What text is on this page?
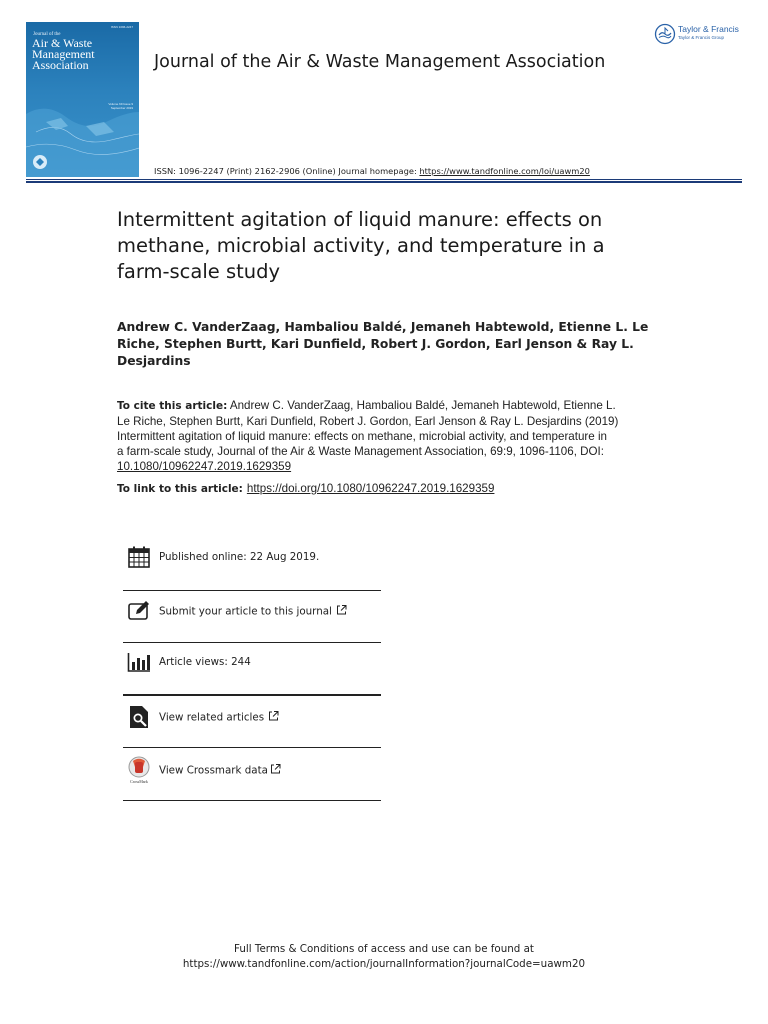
ISSN 1096-2247
Journal of the
Air & Waste
Management
Association
Volume 69 Issue 9 September 2019
Journal of the Air & Waste Management Association
Taylor & Francis
Taylor & Francis Group
ISSN: 1096-2247 (Print) 2162-2906 (Online) Journal homepage: https://www.tandfonline.com/loi/uawm20
Intermittent agitation of liquid manure: effects on
methane, microbial activity, and temperature in a
farm-scale study
Andrew C. VanderZaag, Hambaliou Baldé, Jemaneh Habtewold, Etienne L. Le
Riche, Stephen Burtt, Kari Dunfield, Robert J. Gordon, Earl Jenson & Ray L.
Desjardins
To cite this article: Andrew C. VanderZaag, Hambaliou Baldé, Jemaneh Habtewold, Etienne L.
Le Riche, Stephen Burtt, Kari Dunfield, Robert J. Gordon, Earl Jenson & Ray L. Desjardins (2019)
Intermittent agitation of liquid manure: effects on methane, microbial activity, and temperature in
a farm-scale study, Journal of the Air & Waste Management Association, 69:9, 1096-1106, DOI:
10.1080/10962247.2019.1629359
To link to this article: https://doi.org/10.1080/10962247.2019.1629359
Published online: 22 Aug 2019.
Submit your article to this journal
Article views: 244
View related articles
CrossMark
View Crossmark data
Full Terms & Conditions of access and use can be found at
https://www.tandfonline.com/action/journalInformation?journalCode=uawm20
